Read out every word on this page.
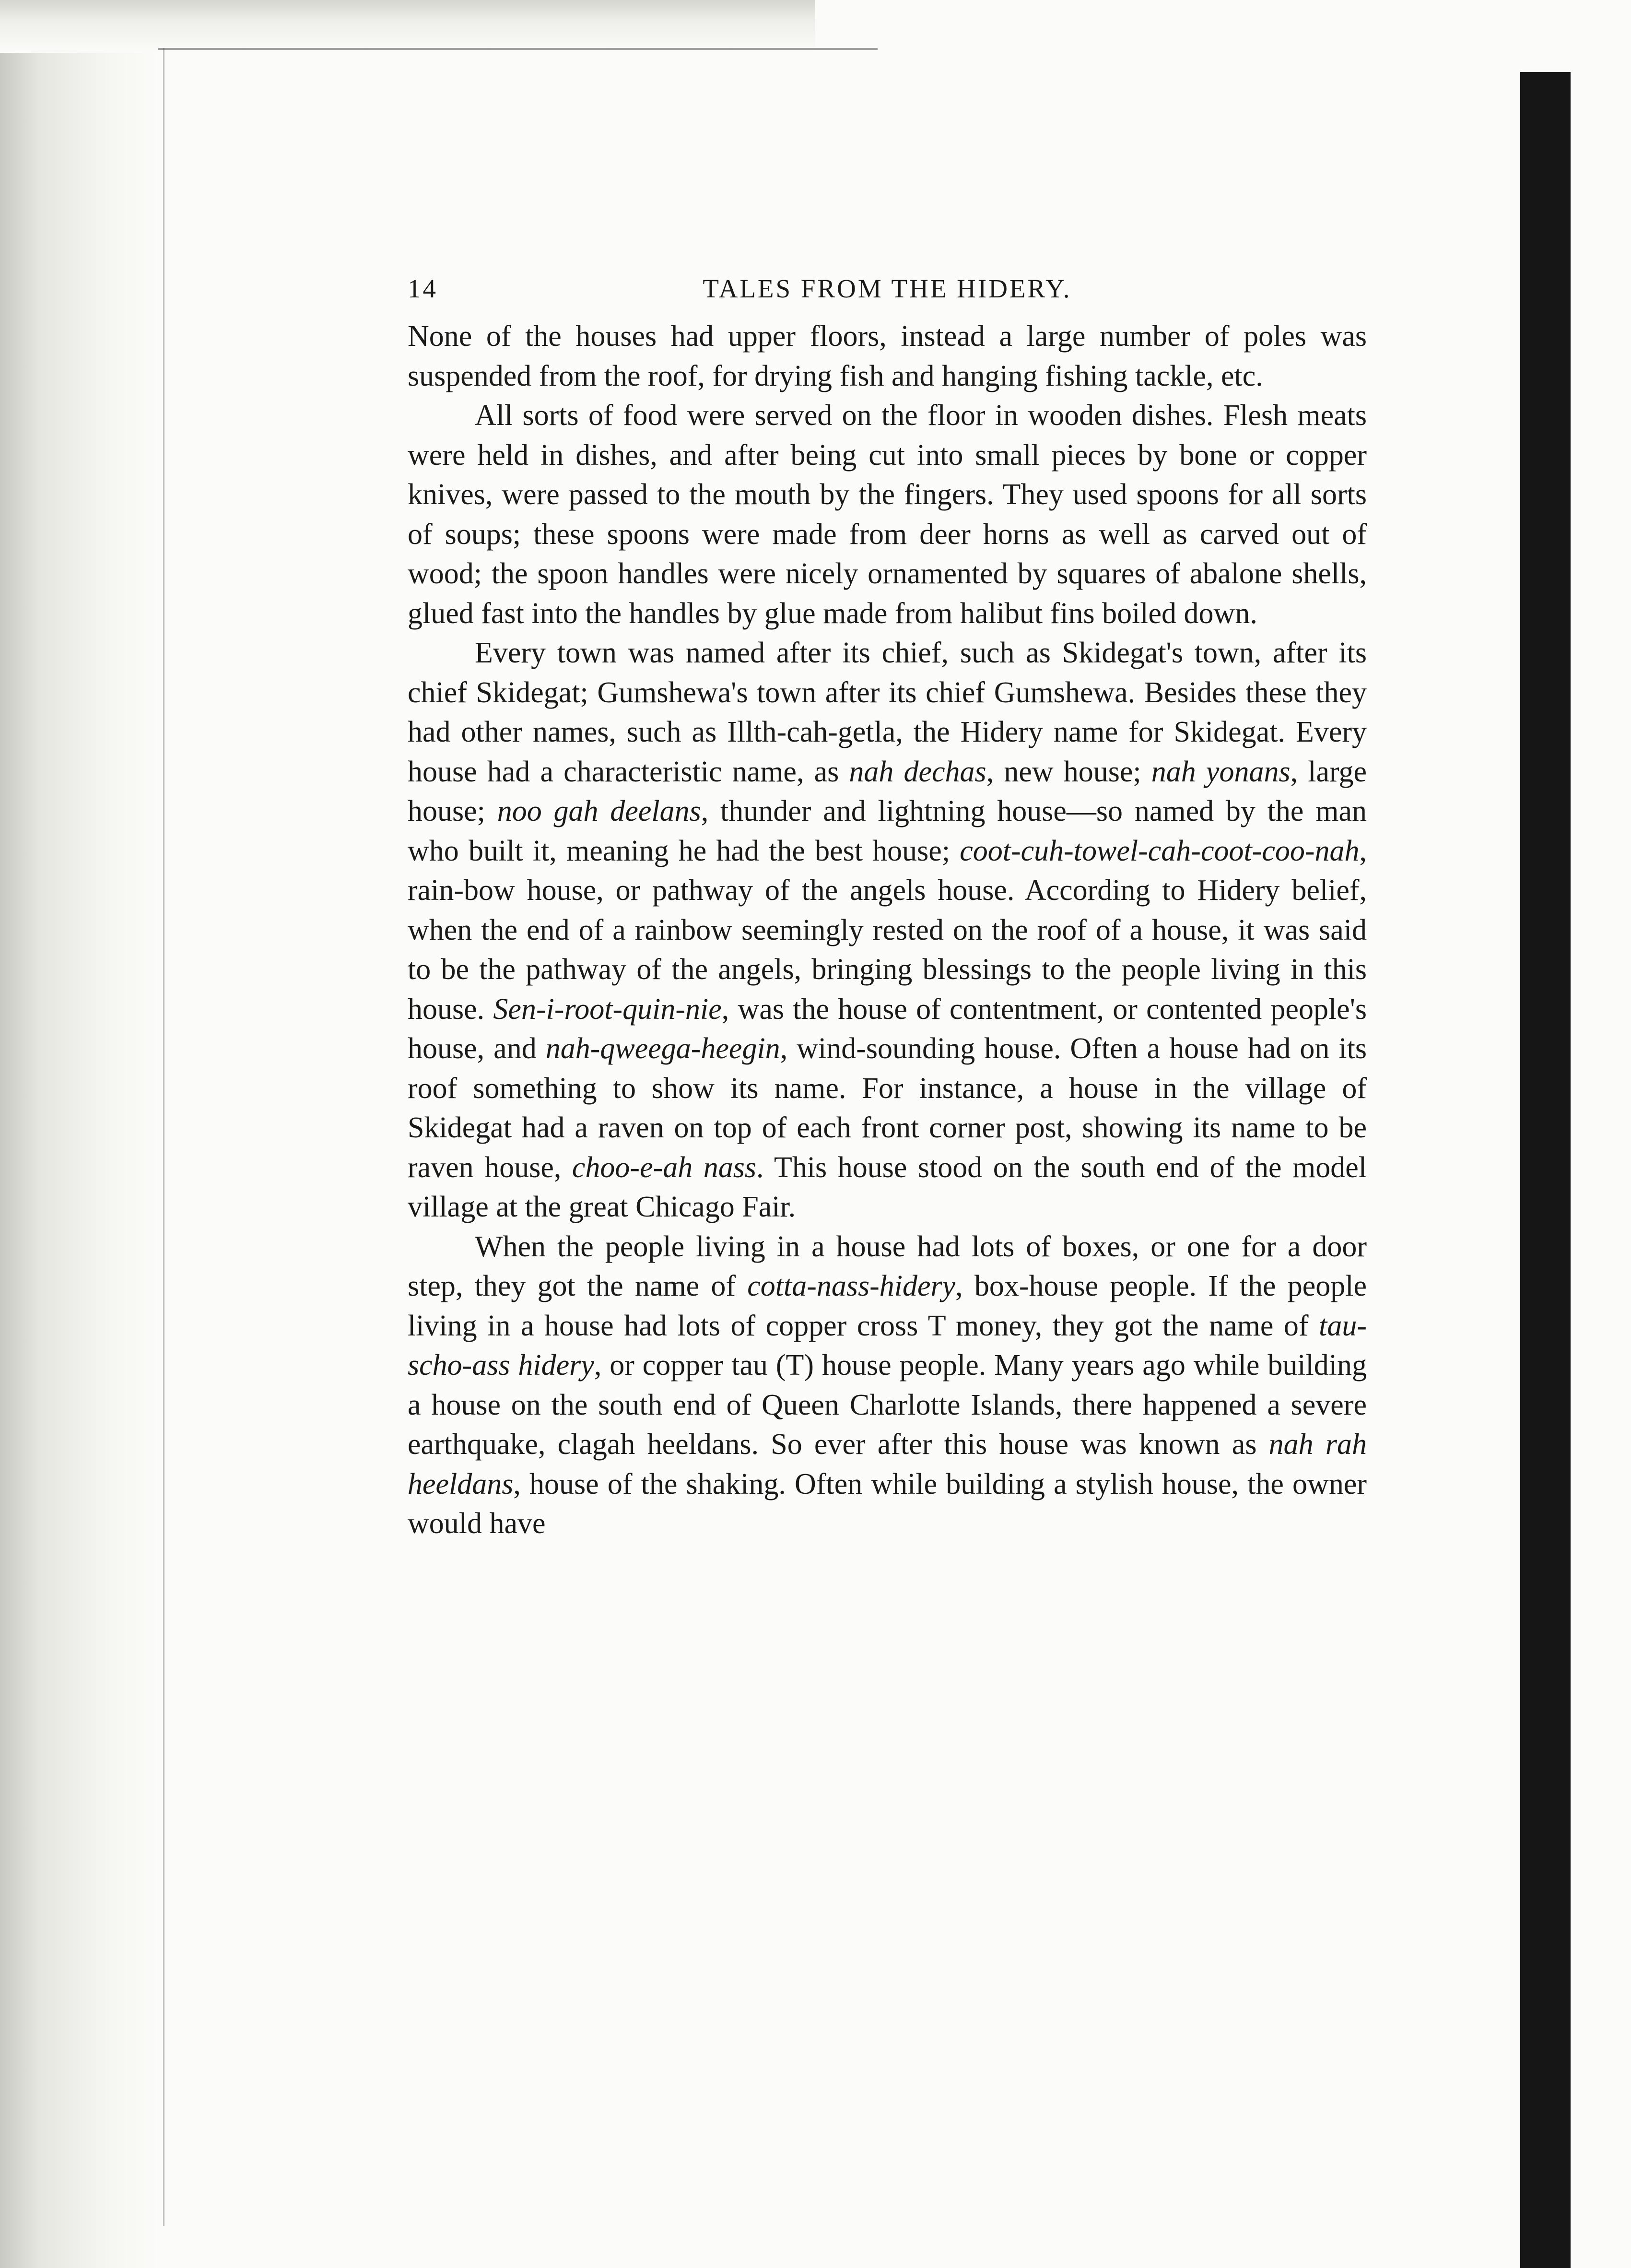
14	TALES FROM THE HIDERY.

None of the houses had upper floors, instead a large number of poles was suspended from the roof, for drying fish and hanging fishing tackle, etc.

All sorts of food were served on the floor in wooden dishes. Flesh meats were held in dishes, and after being cut into small pieces by bone or copper knives, were passed to the mouth by the fingers. They used spoons for all sorts of soups; these spoons were made from deer horns as well as carved out of wood; the spoon handles were nicely ornamented by squares of abalone shells, glued fast into the handles by glue made from halibut fins boiled down.

Every town was named after its chief, such as Skidegat's town, after its chief Skidegat; Gumshewa's town after its chief Gumshewa. Besides these they had other names, such as Illth-cah-getla, the Hidery name for Skidegat. Every house had a characteristic name, as nah dechas, new house; nah yonans, large house; noo gah deelans, thunder and lightning house—so named by the man who built it, meaning he had the best house; coot-cuh-towel-cah-coot-coo-nah, rain-bow house, or pathway of the angels house. According to Hidery belief, when the end of a rainbow seemingly rested on the roof of a house, it was said to be the pathway of the angels, bringing blessings to the people living in this house. Sen-i-root-quin-nie, was the house of contentment, or contented people's house, and nah-qweega-heegin, wind-sounding house. Often a house had on its roof something to show its name. For instance, a house in the village of Skidegat had a raven on top of each front corner post, showing its name to be raven house, choo-e-ah nass. This house stood on the south end of the model village at the great Chicago Fair.

When the people living in a house had lots of boxes, or one for a door step, they got the name of cotta-nass-hidery, box-house people. If the people living in a house had lots of copper cross T money, they got the name of tau-scho-ass hidery, or copper tau (T) house people. Many years ago while building a house on the south end of Queen Charlotte Islands, there happened a severe earthquake, clagah heeldans. So ever after this house was known as nah rah heeldans, house of the shaking. Often while building a stylish house, the owner would have
